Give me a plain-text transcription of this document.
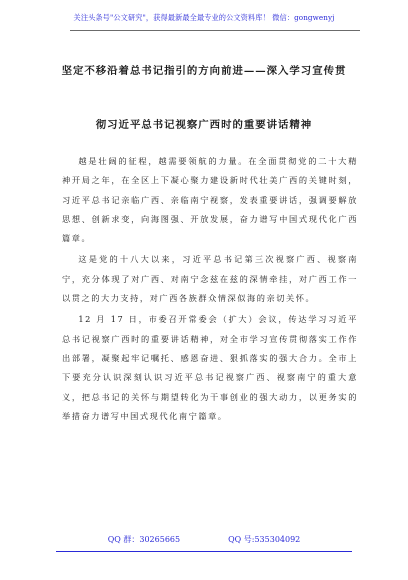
关注头条号"公文研究"，获得最新最全最专业的公文资料库！ 微信：gongwenyj
坚定不移沿着总书记指引的方向前进——深入学习宣传贯
彻习近平总书记视察广西时的重要讲话精神

越是壮阔的征程，越需要领航的力量。在全面贯彻党的二十大精神开局之年，在全区上下凝心聚力建设新时代壮美广西的关键时刻，习近平总书记亲临广西、亲临南宁视察，发表重要讲话，强调要解放思想、创新求变，向海图强、开放发展，奋力谱写中国式现代化广西篇章。

这是党的十八大以来，习近平总书记第三次视察广西、视察南宁，充分体现了对广西、对南宁念兹在兹的深情牵挂，对广西工作一以贯之的大力支持，对广西各族群众情深似海的亲切关怀。

12 月 17 日，市委召开常委会（扩大）会议，传达学习习近平总书记视察广西时的重要讲话精神，对全市学习宣传贯彻落实工作作出部署，凝聚起牢记嘱托、感恩奋进、狠抓落实的强大合力。全市上下要充分认识深刻认识习近平总书记视察广西、视察南宁的重大意义，把总书记的关怀与期望转化为干事创业的强大动力，以更务实的举措奋力谱写中国式现代化南宁篇章。

QQ 群：30265665	QQ 号:535304092
